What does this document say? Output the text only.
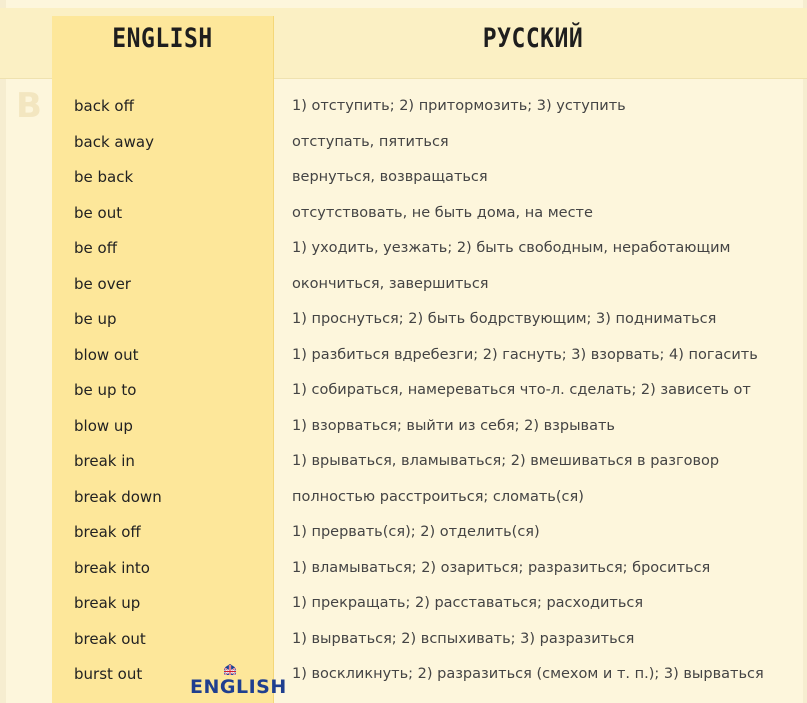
B
ENGLISH	РУССКИЙ
back off	1) отступить; 2) притормозить; 3) уступить
back away	отступать, пятиться
be back	вернуться, возвращаться
be out	отсутствовать, не быть дома, на месте
be off	1) уходить, уезжать; 2) быть свободным, неработающим
be over	окончиться, завершиться
be up	1) проснуться; 2) быть бодрствующим; 3) подниматься
blow out	1) разбиться вдребезги; 2) гаснуть; 3) взорвать; 4) погасить
be up to	1) собираться, намереваться что-л. сделать; 2) зависеть от
blow up	1) взорваться; выйти из себя; 2) взрывать
break in	1) врываться, вламываться; 2) вмешиваться в разговор
break down	полностью расстроиться; сломать(ся)
break off	1) прервать(ся); 2) отделить(ся)
break into	1) вламываться; 2) озариться; разразиться; броситься
break up	1) прекращать; 2) расставаться; расходиться
break out	1) вырваться; 2) вспыхивать; 3) разразиться
burst out	1) воскликнуть; 2) разразиться (смехом и т. п.); 3) вырваться
ENGLISH
